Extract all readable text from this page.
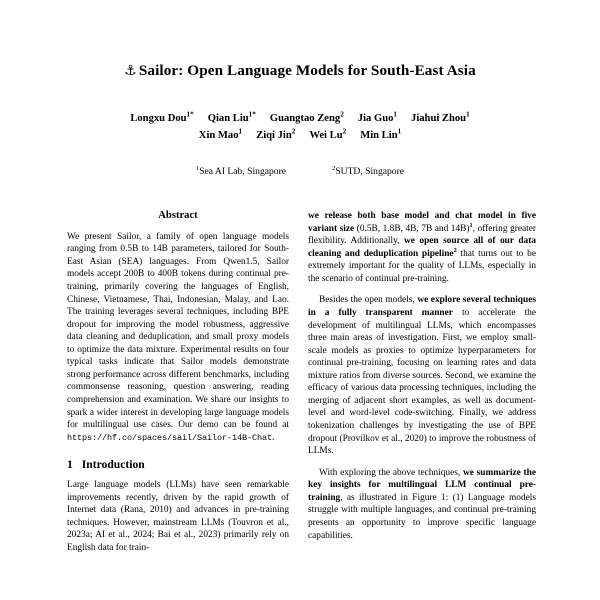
⚓ Sailor: Open Language Models for South-East Asia
Longxu Dou$^{1*}$ Qian Liu$^{1*}$ Guangtao Zeng$^2$ Jia Guo$^1$ Jiahui Zhou$^1$
Xin Mao$^1$ Ziqi Jin$^2$ Wei Lu$^2$ Min Lin$^1$
$^1$Sea AI Lab, Singapore	$^2$SUTD, Singapore
Abstract

We present Sailor, a family of open language models ranging from 0.5B to 14B parameters, tailored for South-East Asian (SEA) languages. From Qwen1.5, Sailor models accept 200B to 400B tokens during continual pre-training, primarily covering the languages of English, Chinese, Vietnamese, Thai, Indonesian, Malay, and Lao. The training leverages several techniques, including BPE dropout for improving the model robustness, aggressive data cleaning and deduplication, and small proxy models to optimize the data mixture. Experimental results on four typical tasks indicate that Sailor models demonstrate strong performance across different benchmarks, including commonsense reasoning, question answering, reading comprehension and examination. We share our insights to spark a wider interest in developing large language models for multilingual use cases. Our demo can be found at https://hf.co/spaces/sail/Sailor-14B-Chat.

1 Introduction

Large language models (LLMs) have seen remarkable improvements recently, driven by the rapid growth of Internet data (Rana, 2010) and advances in pre-training techniques. However, mainstream LLMs (Touvron et al., 2023a; AI et al., 2024; Bai et al., 2023) primarily rely on English data for train-

we release both base model and chat model in five variant size (0.5B, 1.8B, 4B, 7B and 14B)$^1$, offering greater flexibility. Additionally, we open source all of our data cleaning and deduplication pipeline$^2$ that turns out to be extremely important for the quality of LLMs, especially in the scenario of continual pre-training.

Besides the open models, we explore several techniques in a fully transparent manner to accelerate the development of multilingual LLMs, which encompasses three main areas of investigation. First, we employ small-scale models as proxies to optimize hyperparameters for continual pre-training, focusing on learning rates and data mixture ratios from diverse sources. Second, we examine the efficacy of various data processing techniques, including the merging of adjacent short examples, as well as document-level and word-level code-switching. Finally, we address tokenization challenges by investigating the use of BPE dropout (Provilkov et al., 2020) to improve the robustness of LLMs.

With exploring the above techniques, we summarize the key insights for multilingual LLM continual pre-training, as illustrated in Figure 1: (1) Language models struggle with multiple languages, and continual pre-training presents an opportunity to improve specific language capabilities.
